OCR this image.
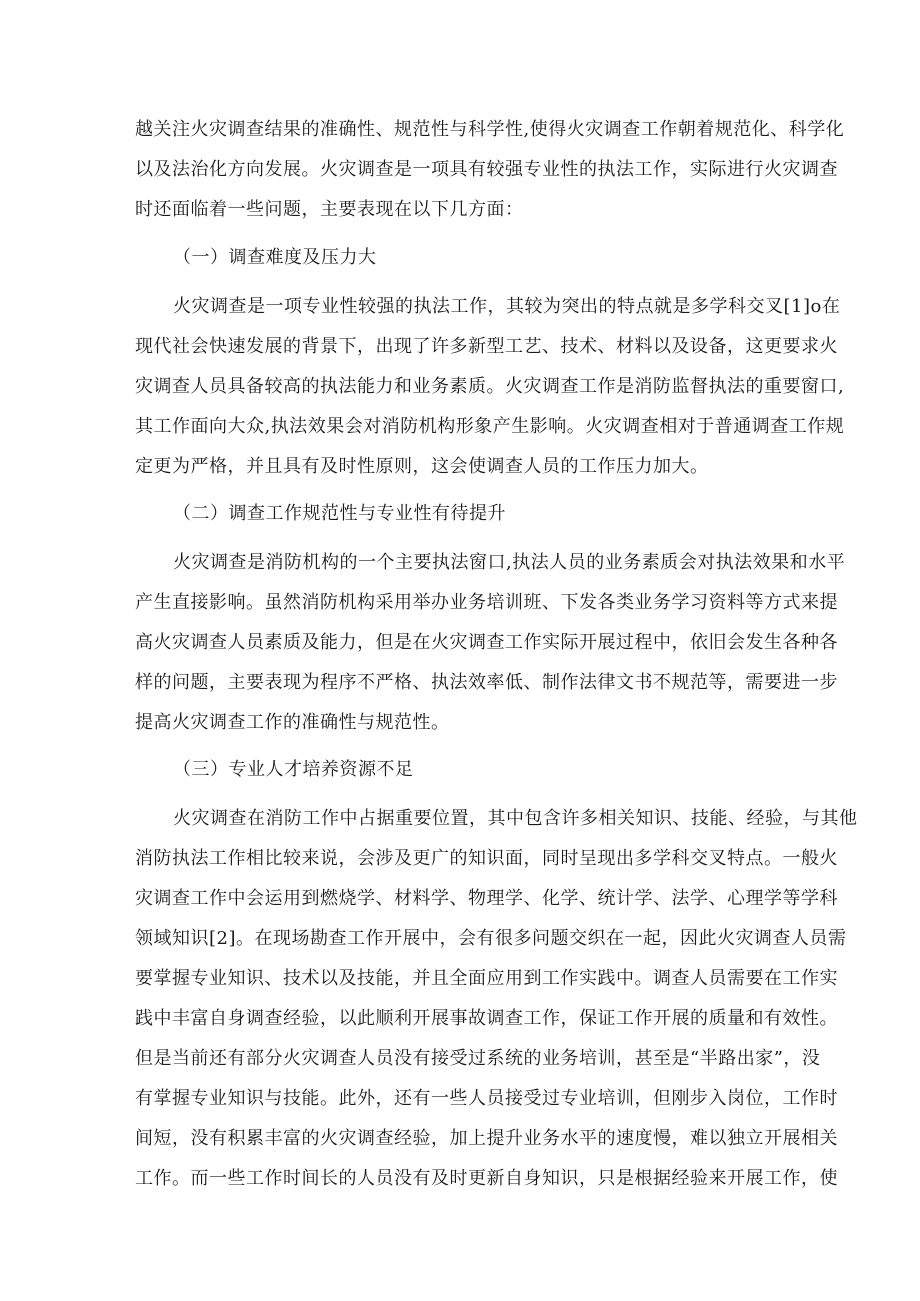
越关注火灾调查结果的准确性、规范性与科学性,使得火灾调查工作朝着规范化、科学化
以及法治化方向发展。火灾调查是一项具有较强专业性的执法工作，实际进行火灾调查
时还面临着一些问题，主要表现在以下几方面：
（一）调查难度及压力大
火灾调查是一项专业性较强的执法工作，其较为突出的特点就是多学科交叉[1]o在
现代社会快速发展的背景下，出现了许多新型工艺、技术、材料以及设备，这更要求火
灾调查人员具备较高的执法能力和业务素质。火灾调查工作是消防监督执法的重要窗口,
其工作面向大众,执法效果会对消防机构形象产生影响。火灾调查相对于普通调查工作规
定更为严格，并且具有及时性原则，这会使调查人员的工作压力加大。
（二）调查工作规范性与专业性有待提升
火灾调查是消防机构的一个主要执法窗口,执法人员的业务素质会对执法效果和水平
产生直接影响。虽然消防机构采用举办业务培训班、下发各类业务学习资料等方式来提
高火灾调查人员素质及能力，但是在火灾调查工作实际开展过程中，依旧会发生各种各
样的问题，主要表现为程序不严格、执法效率低、制作法律文书不规范等，需要进一步
提高火灾调查工作的准确性与规范性。
（三）专业人才培养资源不足
火灾调查在消防工作中占据重要位置，其中包含许多相关知识、技能、经验，与其他
消防执法工作相比较来说，会涉及更广的知识面，同时呈现出多学科交叉特点。一般火
灾调查工作中会运用到燃烧学、材料学、物理学、化学、统计学、法学、心理学等学科
领域知识[2]。在现场勘查工作开展中，会有很多问题交织在一起，因此火灾调查人员需
要掌握专业知识、技术以及技能，并且全面应用到工作实践中。调查人员需要在工作实
践中丰富自身调查经验，以此顺利开展事故调查工作，保证工作开展的质量和有效性。
但是当前还有部分火灾调查人员没有接受过系统的业务培训，甚至是“半路出家”，没
有掌握专业知识与技能。此外，还有一些人员接受过专业培训，但刚步入岗位，工作时
间短，没有积累丰富的火灾调查经验，加上提升业务水平的速度慢，难以独立开展相关
工作。而一些工作时间长的人员没有及时更新自身知识，只是根据经验来开展工作，使
